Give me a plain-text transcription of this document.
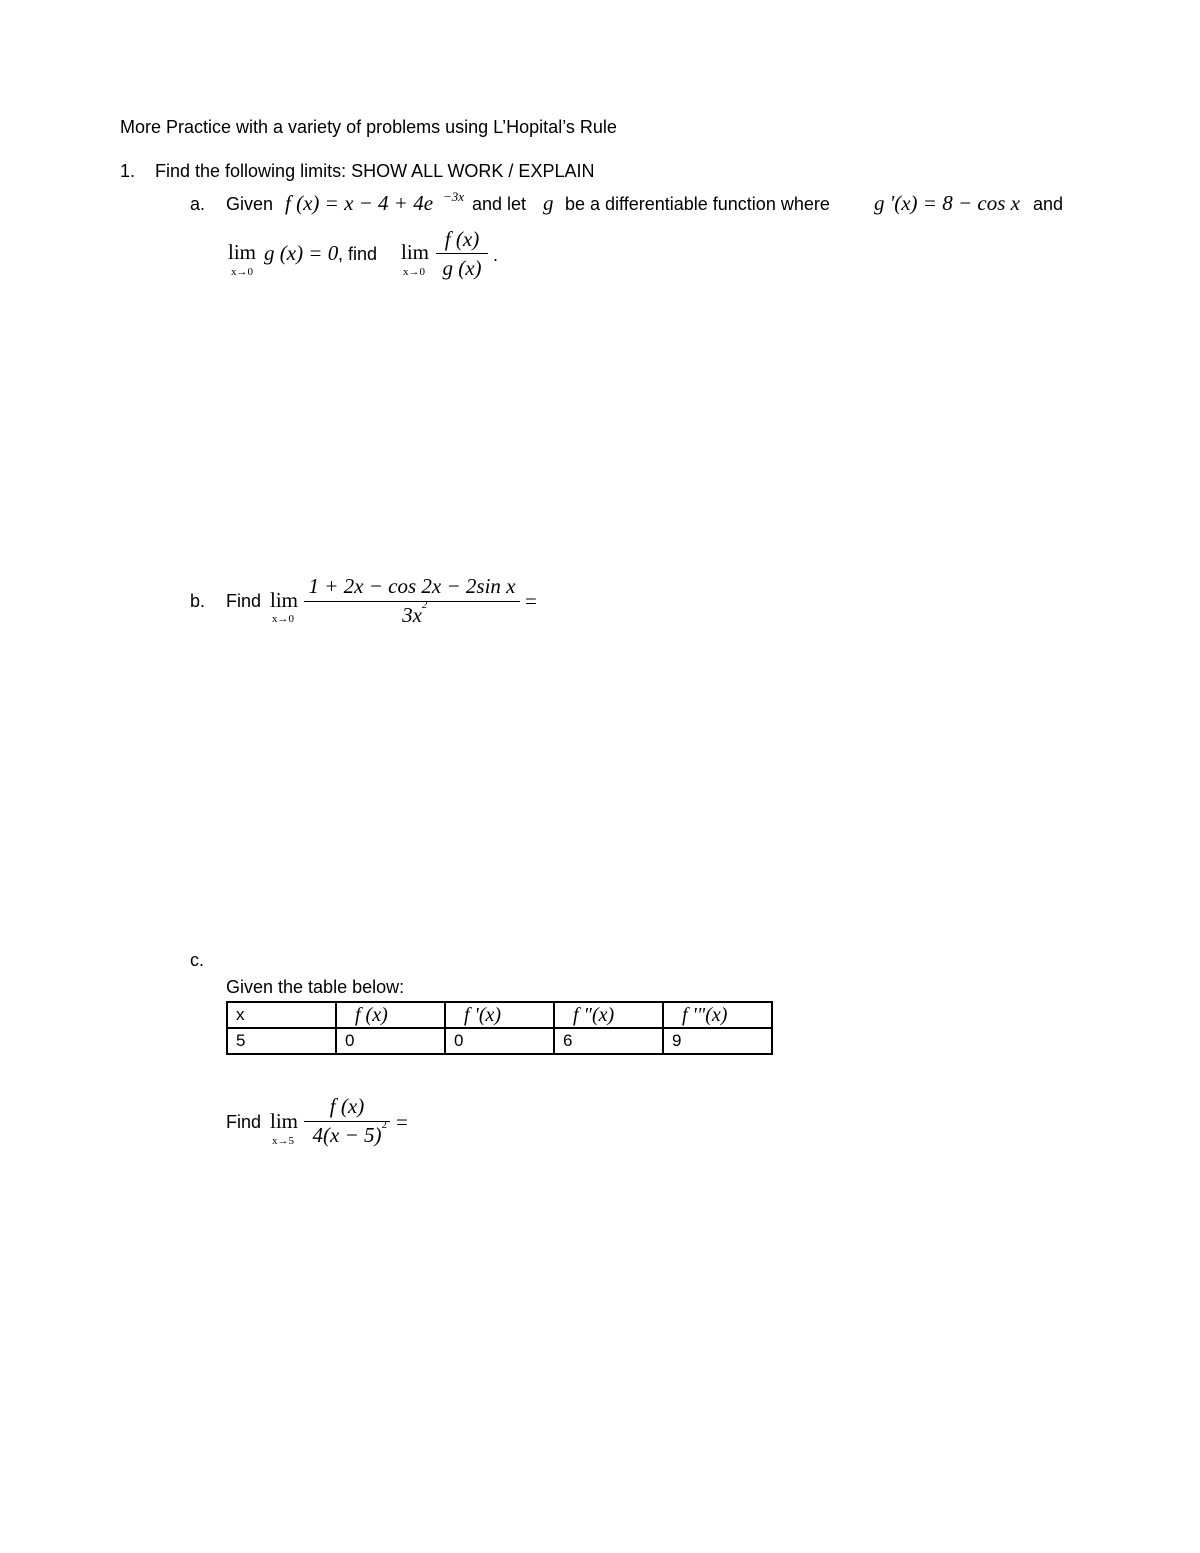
More Practice with a variety of problems using L’Hopital’s Rule
1. Find the following limits: SHOW ALL WORK / EXPLAIN
a. Given f (x) = x − 4 + 4e −3x and let g be a differentiable function where g '(x) = 8 − cos x and
lim
x→0
g (x) = 0 , find lim
x→0
f (x)
g (x)
.
b. Find lim
x→0
1 + 2x − cos 2x − 2sin x
3x 2	=
c.
Given the table below:
x	f (x)	f '(x)	f "(x)	f '"(x)
5	0	0	6	9
Find lim
x→5
f (x)
4(x − 5) 2 =
